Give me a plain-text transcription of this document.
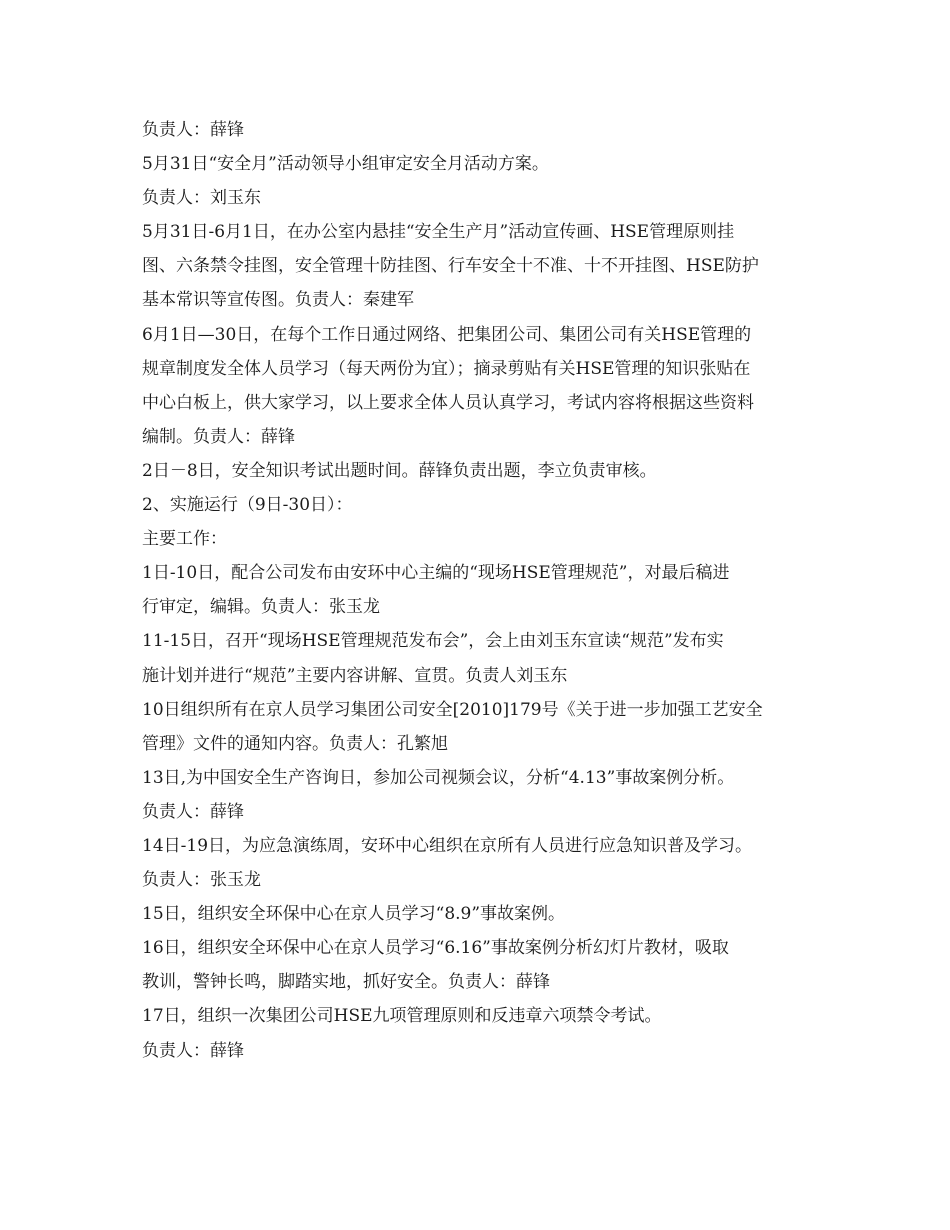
负责人：薛锋

5月31日“安全月”活动领导小组审定安全月活动方案。

负责人：刘玉东

5月31日-6月1日，在办公室内悬挂“安全生产月”活动宣传画、HSE管理原则挂

图、六条禁令挂图，安全管理十防挂图、行车安全十不准、十不开挂图、HSE防护

基本常识等宣传图。负责人：秦建军

6月1日—30日，在每个工作日通过网络、把集团公司、集团公司有关HSE管理的

规章制度发全体人员学习（每天两份为宜）；摘录剪贴有关HSE管理的知识张贴在

中心白板上，供大家学习，以上要求全体人员认真学习，考试内容将根据这些资料

编制。负责人：薛锋

2日－8日，安全知识考试出题时间。薛锋负责出题，李立负责审核。

2、实施运行（9日-30日）：

主要工作：

1日-10日，配合公司发布由安环中心主编的“现场HSE管理规范”，对最后稿进

行审定，编辑。负责人：张玉龙

11-15日，召开“现场HSE管理规范发布会”，会上由刘玉东宣读“规范”发布实

施计划并进行“规范”主要内容讲解、宣贯。负责人刘玉东

10日组织所有在京人员学习集团公司安全[2010]179号《关于进一步加强工艺安全

管理》文件的通知内容。负责人：孔繁旭

13日,为中国安全生产咨询日，参加公司视频会议，分析“4.13”事故案例分析。

负责人：薛锋

14日-19日，为应急演练周，安环中心组织在京所有人员进行应急知识普及学习。

负责人：张玉龙

15日，组织安全环保中心在京人员学习“8.9”事故案例。

16日，组织安全环保中心在京人员学习“6.16”事故案例分析幻灯片教材，吸取

教训，警钟长鸣，脚踏实地，抓好安全。负责人：薛锋

17日，组织一次集团公司HSE九项管理原则和反违章六项禁令考试。

负责人：薛锋
